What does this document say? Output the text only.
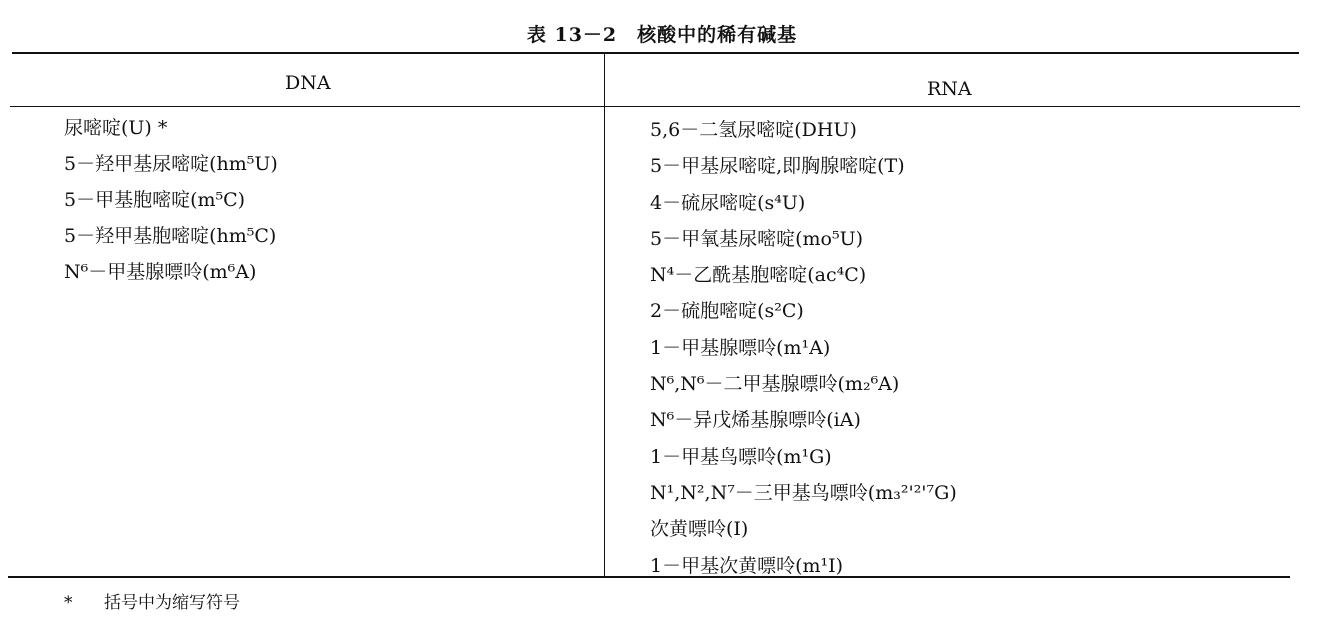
表 13－2　核酸中的稀有碱基
DNA	RNA
尿嘧啶(U) *
5－羟甲基尿嘧啶(hm⁵U)
5－甲基胞嘧啶(m⁵C)
5－羟甲基胞嘧啶(hm⁵C)
N⁶－甲基腺嘌呤(m⁶A)
5,6－二氢尿嘧啶(DHU)
5－甲基尿嘧啶,即胸腺嘧啶(T)
4－硫尿嘧啶(s⁴U)
5－甲氧基尿嘧啶(mo⁵U)
N⁴－乙酰基胞嘧啶(ac⁴C)
2－硫胞嘧啶(s²C)
1－甲基腺嘌呤(m¹A)
N⁶,N⁶－二甲基腺嘌呤(m₂⁶A)
N⁶－异戊烯基腺嘌呤(iA)
1－甲基鸟嘌呤(m¹G)
N¹,N²,N⁷－三甲基鸟嘌呤(m₃²'²'⁷G)
次黄嘌呤(I)
1－甲基次黄嘌呤(m¹I)
* 括号中为缩写符号
